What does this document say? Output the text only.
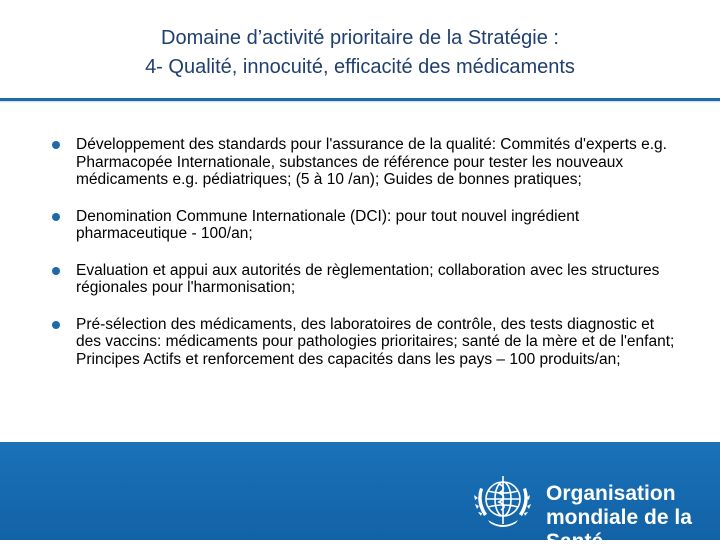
Domaine d’activité prioritaire de la Stratégie :
4- Qualité, innocuité, efficacité des médicaments
Développement des standards pour l'assurance de la qualité: Commités d'experts e.g. Pharmacopée Internationale, substances de référence pour tester les nouveaux médicaments e.g. pédiatriques; (5 à 10 /an); Guides de bonnes pratiques;
Denomination Commune Internationale (DCI): pour tout nouvel ingrédient pharmaceutique - 100/an;
Evaluation et appui aux autorités de règlementation; collaboration avec les structures régionales pour l'harmonisation;
Pré-sélection des médicaments, des laboratoires de contrôle, des tests diagnostic et des vaccins: médicaments pour pathologies prioritaires; santé de la mère et de l'enfant; Principes Actifs et renforcement des capacités dans les pays – 100 produits/an;
Organisation
mondiale de la Santé
